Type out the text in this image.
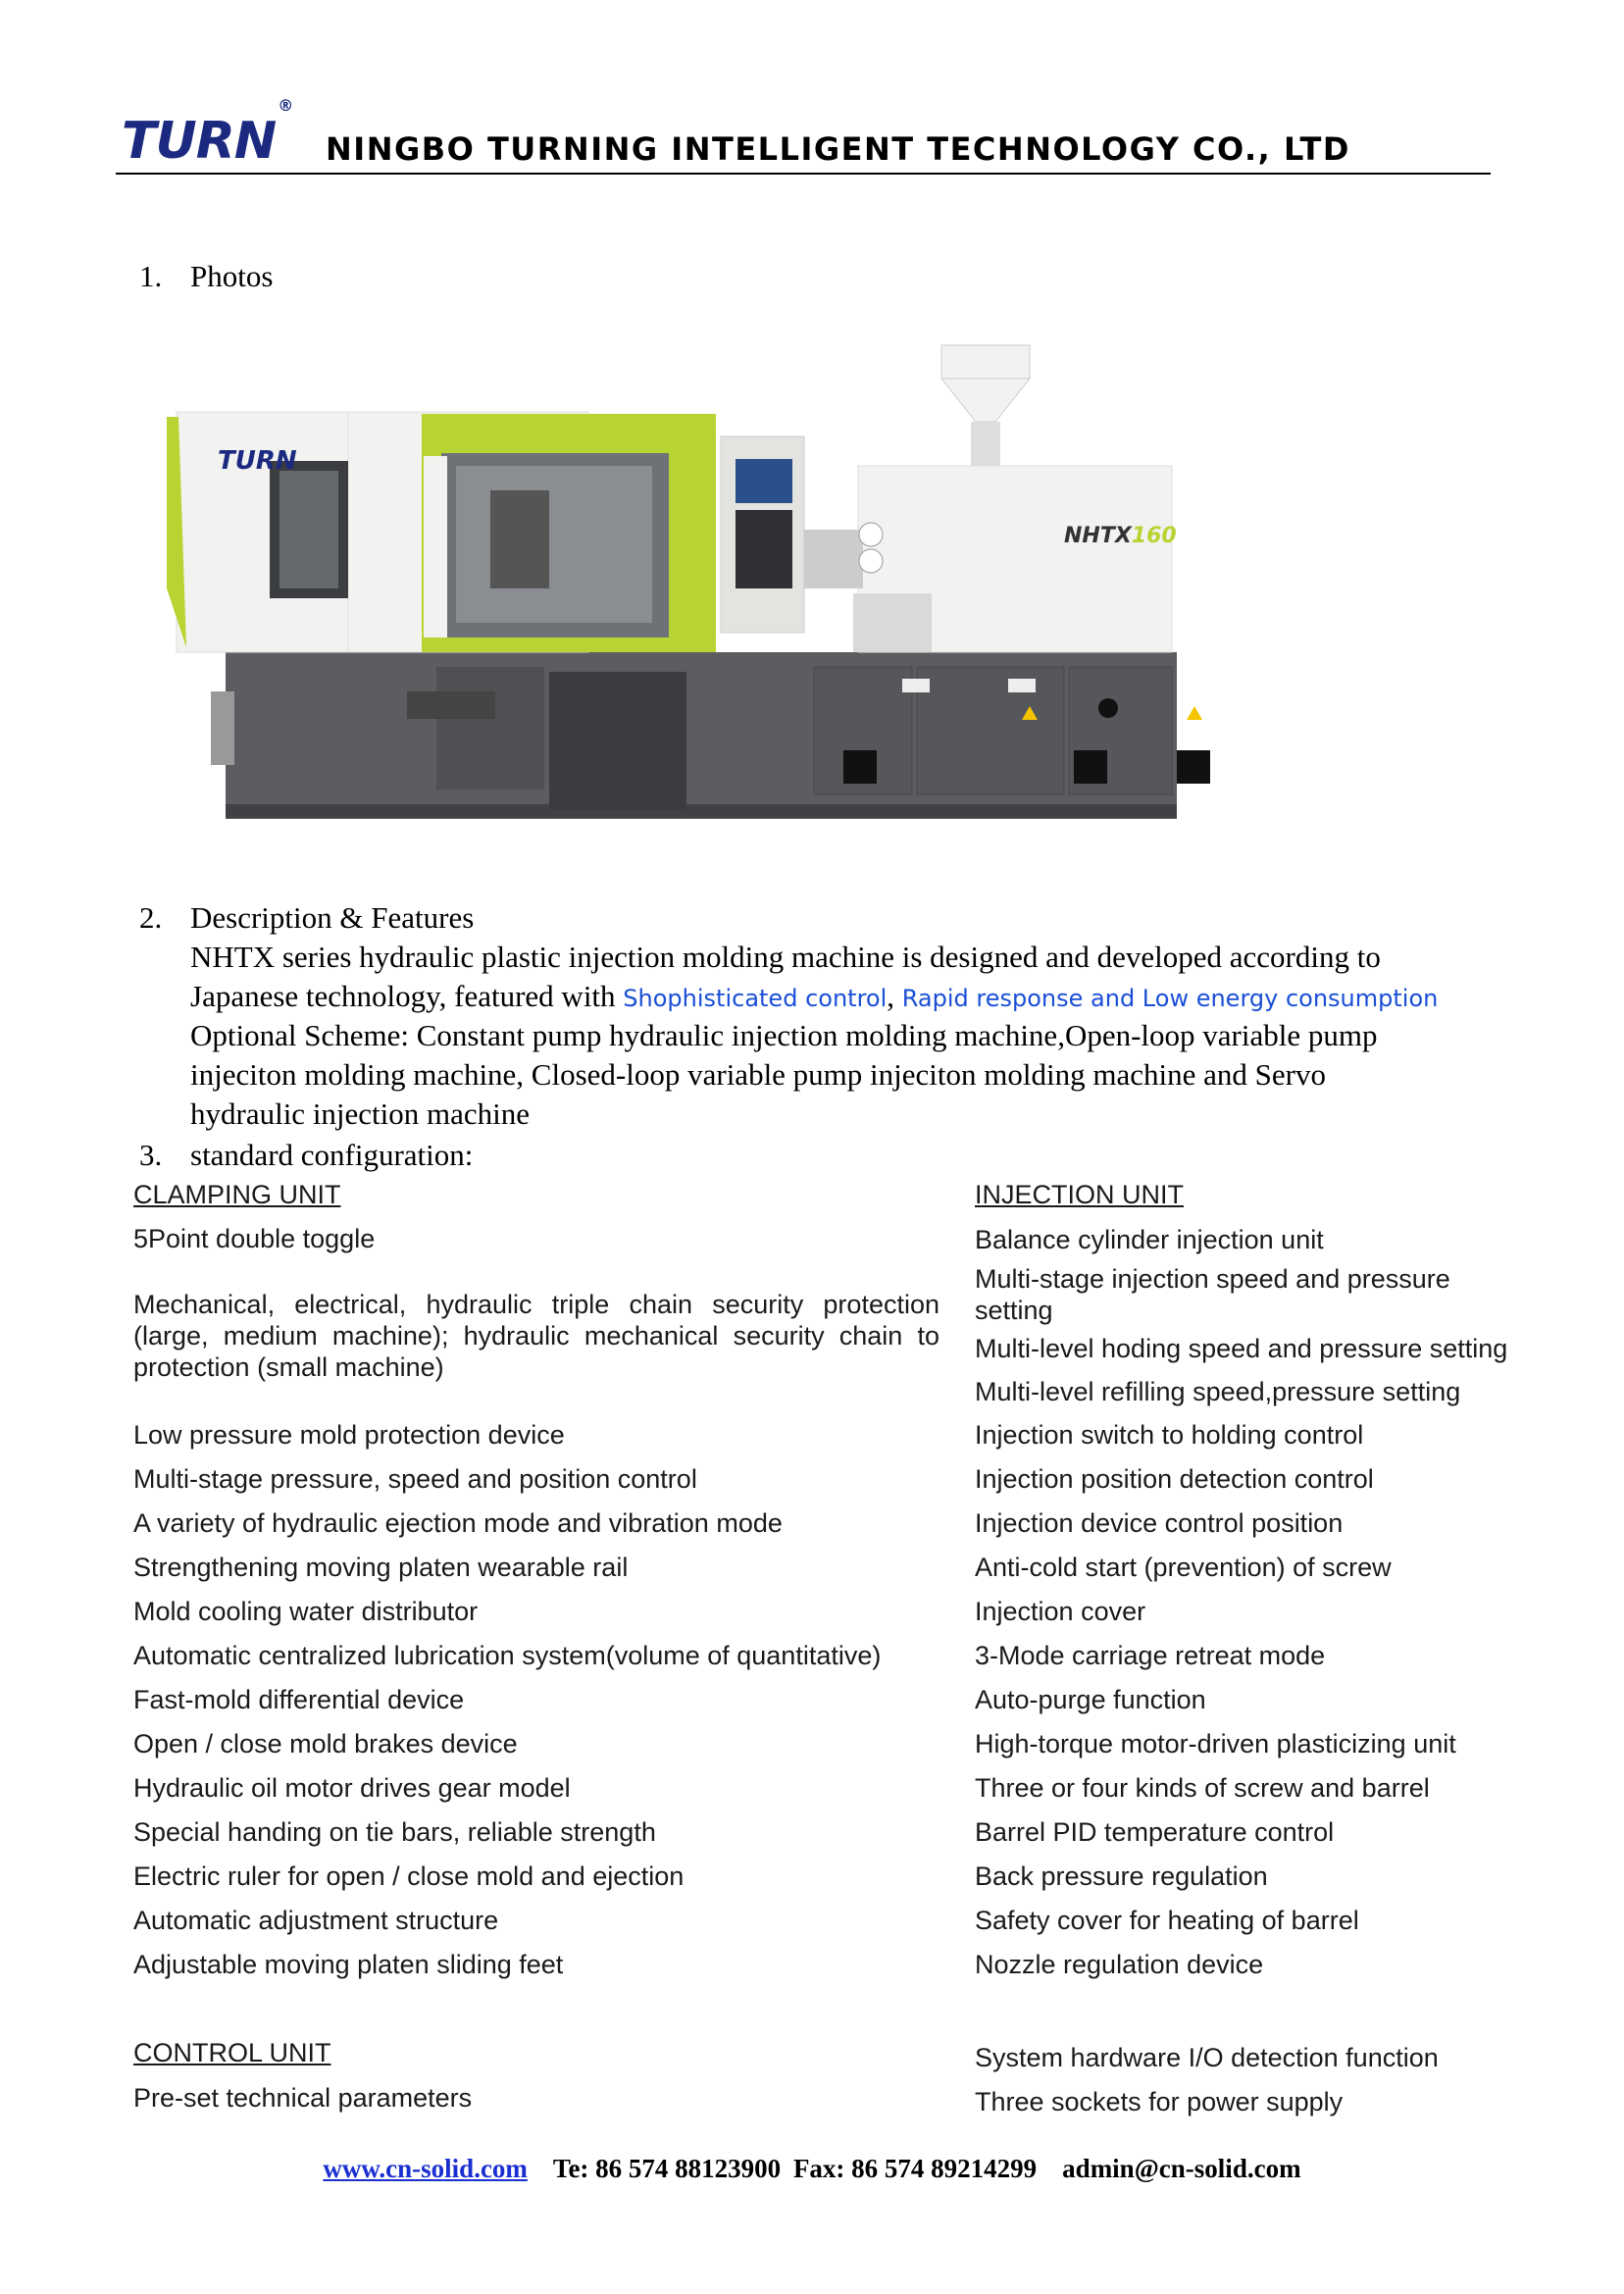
TURN®
NINGBO TURNING INTELLIGENT TECHNOLOGY CO., LTD
1. Photos
TURN
NHTX160
2. Description & Features
NHTX series hydraulic plastic injection molding machine is designed and developed according to
Japanese technology, featured with Shophisticated control, Rapid response and Low energy consumption
Optional Scheme: Constant pump hydraulic injection molding machine,Open-loop variable pump
injeciton molding machine, Closed-loop variable pump injeciton molding machine and Servo
hydraulic injection machine
3. standard configuration:
CLAMPING UNIT
5Point double toggle
Mechanical, electrical, hydraulic triple chain security protection (large, medium machine); hydraulic mechanical security chain to protection (small machine)
Low pressure mold protection device
Multi-stage pressure, speed and position control
A variety of hydraulic ejection mode and vibration mode
Strengthening moving platen wearable rail
Mold cooling water distributor
Automatic centralized lubrication system(volume of quantitative)
Fast-mold differential device
Open / close mold brakes device
Hydraulic oil motor drives gear model
Special handing on tie bars, reliable strength
Electric ruler for open / close mold and ejection
Automatic adjustment structure
Adjustable moving platen sliding feet
INJECTION UNIT
Balance cylinder injection unit
Multi-stage injection speed and pressure
setting
Multi-level hoding speed and pressure setting
Multi-level refilling speed,pressure setting
Injection switch to holding control
Injection position detection control
Injection device control position
Anti-cold start (prevention) of screw
Injection cover
3-Mode carriage retreat mode
Auto-purge function
High-torque motor-driven plasticizing unit
Three or four kinds of screw and barrel
Barrel PID temperature control
Back pressure regulation
Safety cover for heating of barrel
Nozzle regulation device
CONTROL UNIT
Pre-set technical parameters
System hardware I/O detection function
Three sockets for power supply
www.cn-solid.com Te: 86 574 88123900 Fax: 86 574 89214299 admin@cn-solid.com
